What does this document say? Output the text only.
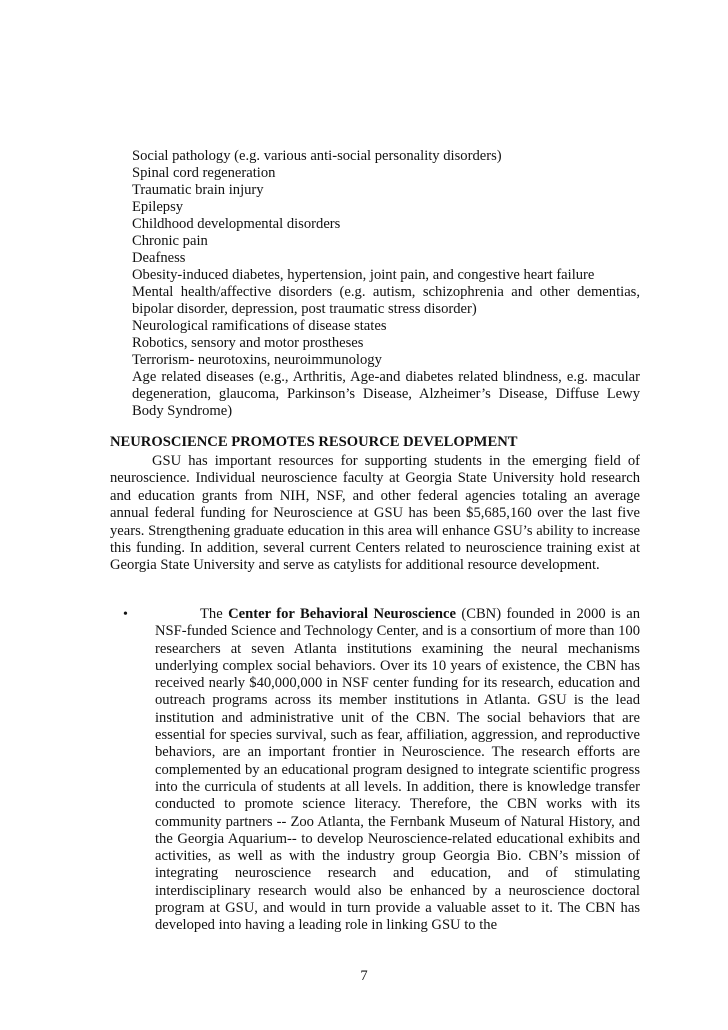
Social pathology (e.g. various anti-social personality disorders)
Spinal cord regeneration
Traumatic brain injury
Epilepsy
Childhood developmental disorders
Chronic pain
Deafness
Obesity-induced diabetes, hypertension, joint pain, and congestive heart failure
Mental health/affective disorders (e.g. autism, schizophrenia and other dementias, bipolar disorder, depression, post traumatic stress disorder)
Neurological ramifications of disease states
Robotics, sensory and motor prostheses
Terrorism- neurotoxins, neuroimmunology
Age related diseases (e.g., Arthritis, Age-and diabetes related blindness, e.g. macular degeneration, glaucoma, Parkinson’s Disease, Alzheimer’s Disease, Diffuse Lewy Body Syndrome)
NEUROSCIENCE PROMOTES RESOURCE DEVELOPMENT
GSU has important resources for supporting students in the emerging field of neuroscience. Individual neuroscience faculty at Georgia State University hold research and education grants from NIH, NSF, and other federal agencies totaling an average annual federal funding for Neuroscience at GSU has been $5,685,160 over the last five years. Strengthening graduate education in this area will enhance GSU’s ability to increase this funding. In addition, several current Centers related to neuroscience training exist at Georgia State University and serve as catylists for additional resource development.
•	The Center for Behavioral Neuroscience (CBN) founded in 2000 is an NSF-funded Science and Technology Center, and is a consortium of more than 100 researchers at seven Atlanta institutions examining the neural mechanisms underlying complex social behaviors. Over its 10 years of existence, the CBN has received nearly $40,000,000 in NSF center funding for its research, education and outreach programs across its member institutions in Atlanta. GSU is the lead institution and administrative unit of the CBN. The social behaviors that are essential for species survival, such as fear, affiliation, aggression, and reproductive behaviors, are an important frontier in Neuroscience. The research efforts are complemented by an educational program designed to integrate scientific progress into the curricula of students at all levels. In addition, there is knowledge transfer conducted to promote science literacy. Therefore, the CBN works with its community partners -- Zoo Atlanta, the Fernbank Museum of Natural History, and the Georgia Aquarium-- to develop Neuroscience-related educational exhibits and activities, as well as with the industry group Georgia Bio. CBN’s mission of integrating neuroscience research and education, and of stimulating interdisciplinary research would also be enhanced by a neuroscience doctoral program at GSU, and would in turn provide a valuable asset to it. The CBN has developed into having a leading role in linking GSU to the
7
